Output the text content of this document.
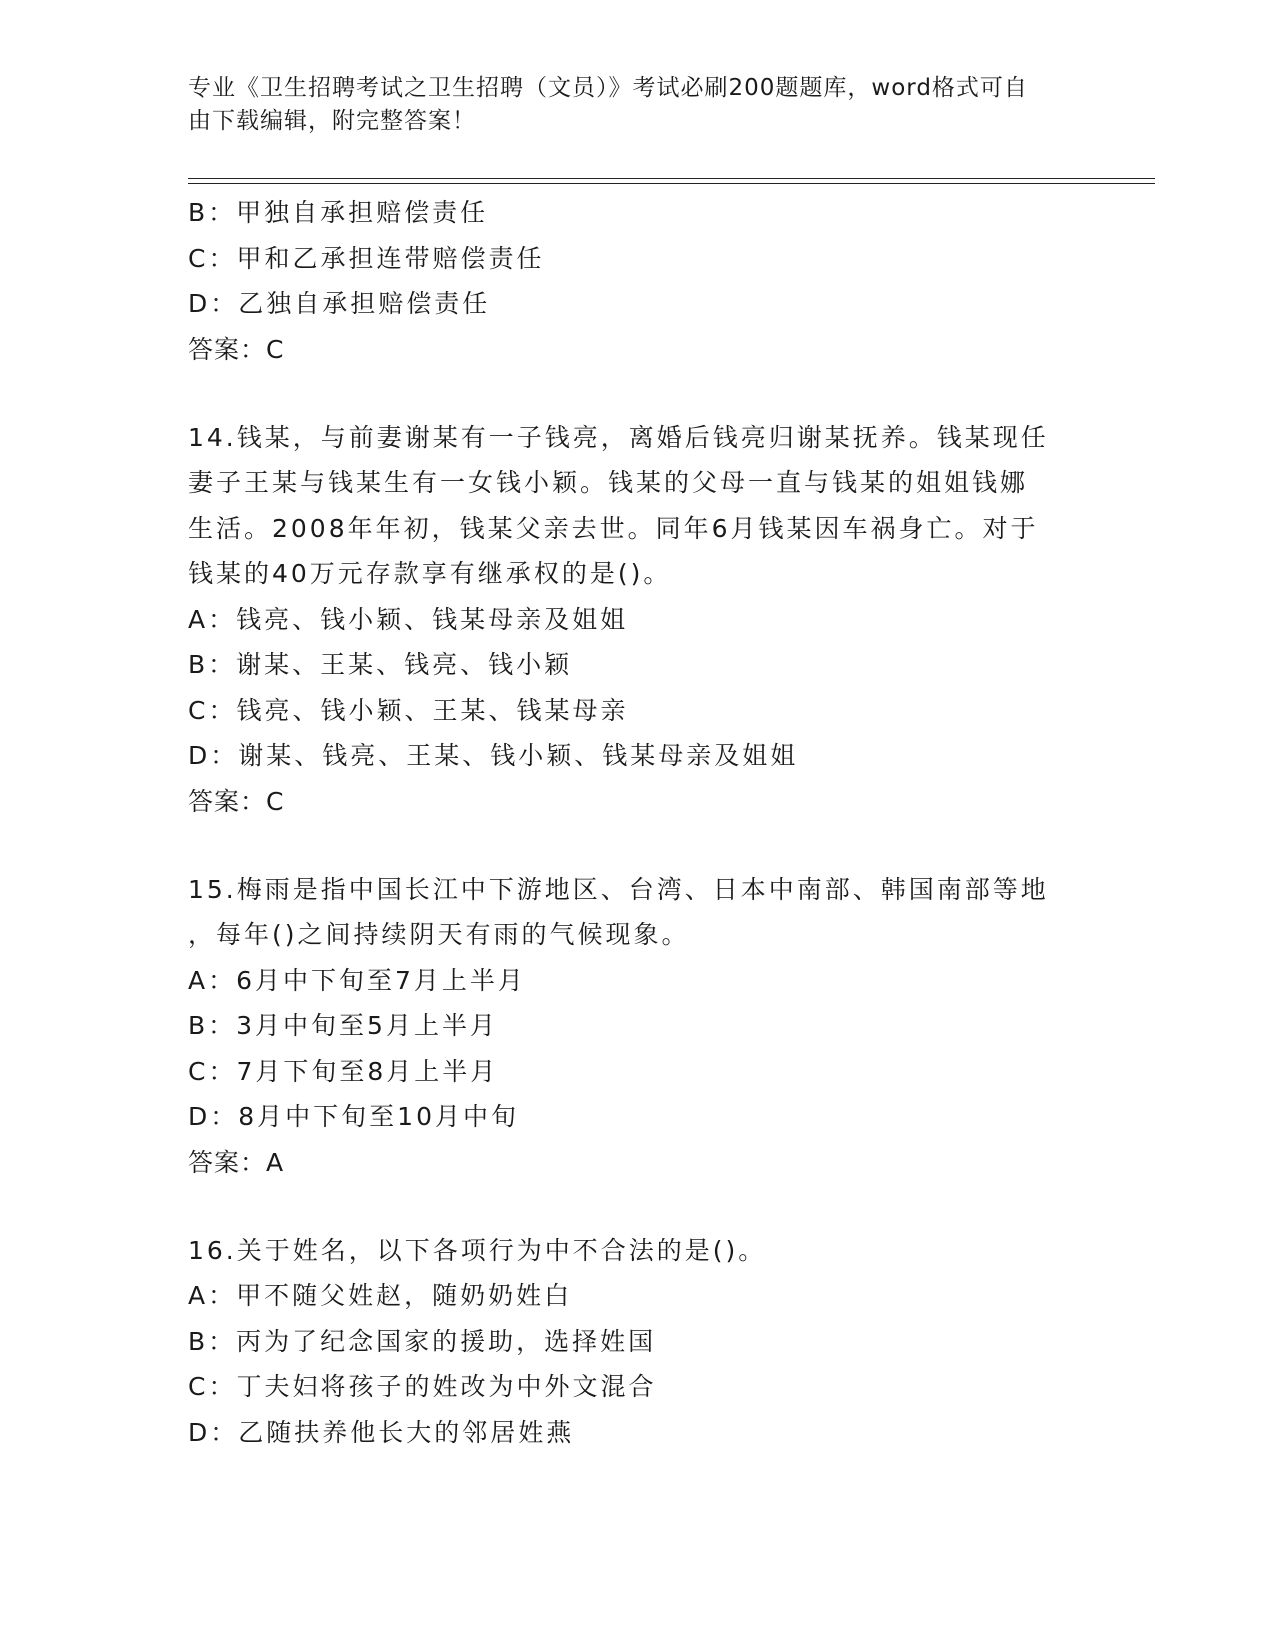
专业《卫生招聘考试之卫生招聘（文员）》考试必刷200题题库，word格式可自
由下载编辑，附完整答案！
B：甲独自承担赔偿责任
C：甲和乙承担连带赔偿责任
D：乙独自承担赔偿责任
答案：C
14.钱某，与前妻谢某有一子钱亮，离婚后钱亮归谢某抚养。钱某现任
妻子王某与钱某生有一女钱小颖。钱某的父母一直与钱某的姐姐钱娜
生活。2008年年初，钱某父亲去世。同年6月钱某因车祸身亡。对于
钱某的40万元存款享有继承权的是()。
A：钱亮、钱小颖、钱某母亲及姐姐
B：谢某、王某、钱亮、钱小颖
C：钱亮、钱小颖、王某、钱某母亲
D：谢某、钱亮、王某、钱小颖、钱某母亲及姐姐
答案：C
15.梅雨是指中国长江中下游地区、台湾、日本中南部、韩国南部等地
，每年()之间持续阴天有雨的气候现象。
A：6月中下旬至7月上半月
B：3月中旬至5月上半月
C：7月下旬至8月上半月
D：8月中下旬至10月中旬
答案：A
16.关于姓名，以下各项行为中不合法的是()。
A：甲不随父姓赵，随奶奶姓白
B：丙为了纪念国家的援助，选择姓国
C：丁夫妇将孩子的姓改为中外文混合
D：乙随扶养他长大的邻居姓燕
